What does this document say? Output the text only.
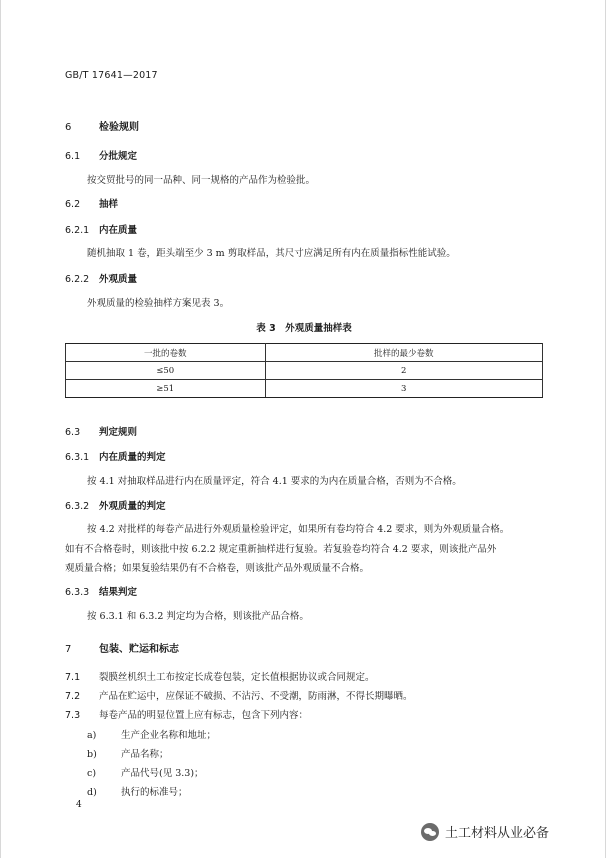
GB/T 17641—2017
6	检验规则
6.1 分批规定
按交贸批号的同一品种、同一规格的产品作为检验批。
6.2 抽样
6.2.1 内在质量
随机抽取 1 卷，距头端至少 3 m 剪取样品，其尺寸应满足所有内在质量指标性能试验。
6.2.2 外观质量
外观质量的检验抽样方案见表 3。
表 3　外观质量抽样表
一批的卷数	批样的最少卷数
≤50	2
≥51	3
6.3 判定规则
6.3.1 内在质量的判定
按 4.1 对抽取样品进行内在质量评定，符合 4.1 要求的为内在质量合格，否则为不合格。
6.3.2 外观质量的判定
按 4.2 对批样的每卷产品进行外观质量检验评定，如果所有卷均符合 4.2 要求，则为外观质量合格。
如有不合格卷时，则该批中按 6.2.2 规定重新抽样进行复验。若复验卷均符合 4.2 要求，则该批产品外
观质量合格；如果复验结果仍有不合格卷，则该批产品外观质量不合格。
6.3.3 结果判定
按 6.3.1 和 6.3.2 判定均为合格，则该批产品合格。
7	包装、贮运和标志
7.1 裂膜丝机织土工布按定长成卷包装，定长值根据协议或合同规定。
7.2 产品在贮运中，应保证不破损、不沾污、不受潮，防雨淋，不得长期曝晒。
7.3 每卷产品的明显位置上应有标志，包含下列内容：
a)	生产企业名称和地址；
b)	产品名称；
c)	产品代号(见 3.3)；
d)	执行的标准号；
4
土工材料从业必备
